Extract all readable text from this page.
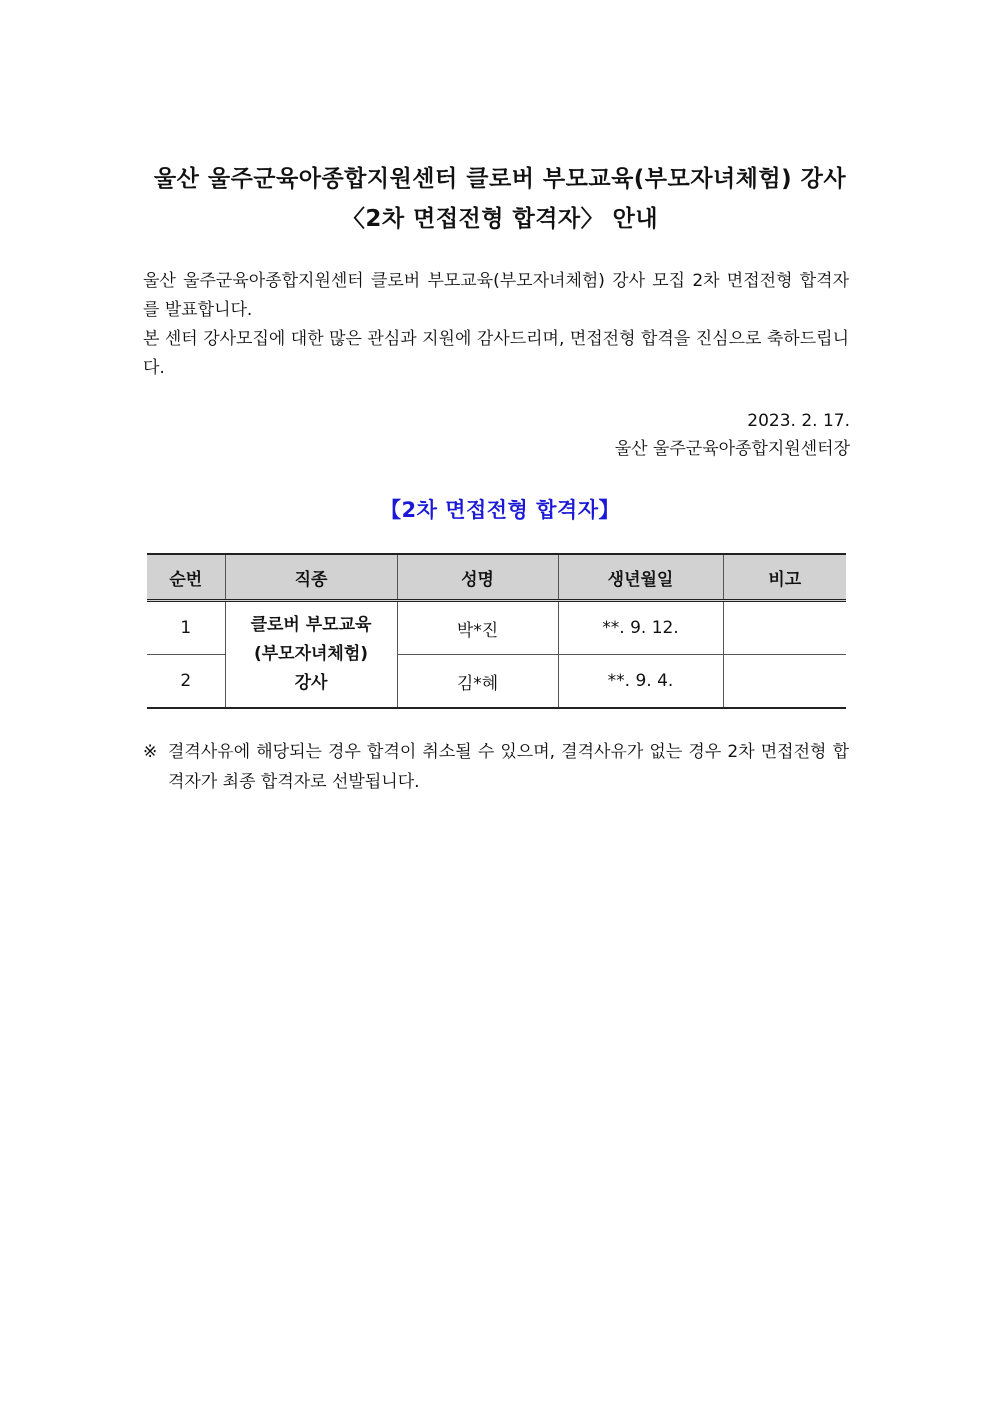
울산 울주군육아종합지원센터 클로버 부모교육(부모자녀체험) 강사
〈2차 면접전형 합격자〉 안내

울산 울주군육아종합지원센터 클로버 부모교육(부모자녀체험) 강사 모집 2차 면접전형 합격자를 발표합니다.

본 센터 강사모집에 대한 많은 관심과 지원에 감사드리며, 면접전형 합격을 진심으로 축하드립니다.

2023. 2. 17.
울산 울주군육아종합지원센터장
【2차 면접전형 합격자】
순번	직종	성명	생년월일	비고
1	클로버 부모교육
(부모자녀체험)
강사	박*진	**. 9. 12.	
2		김*혜	**. 9. 4.	
※ 결격사유에 해당되는 경우 합격이 취소될 수 있으며, 결격사유가 없는 경우 2차 면접전형 합격자가 최종 합격자로 선발됩니다.
